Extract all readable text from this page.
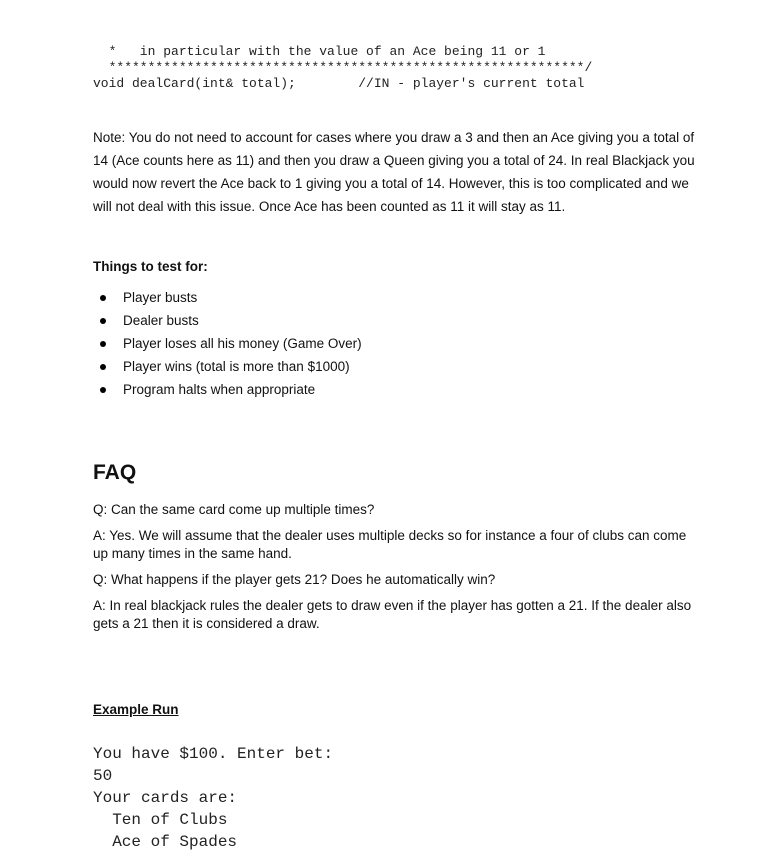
*   in particular with the value of an Ace being 11 or 1
*************************************************************/
void dealCard(int& total);        //IN - player's current total
Note: You do not need to account for cases where you draw a 3 and then an Ace giving you a total of 14 (Ace counts here as 11) and then you draw a Queen giving you a total of 24. In real Blackjack you would now revert the Ace back to 1 giving you a total of 14. However, this is too complicated and we will not deal with this issue. Once Ace has been counted as 11 it will stay as 11.
Things to test for:
Player busts
Dealer busts
Player loses all his money (Game Over)
Player wins (total is more than $1000)
Program halts when appropriate
FAQ
Q: Can the same card come up multiple times?
A: Yes. We will assume that the dealer uses multiple decks so for instance a four of clubs can come up many times in the same hand.
Q: What happens if the player gets 21? Does he automatically win?
A: In real blackjack rules the dealer gets to draw even if the player has gotten a 21. If the dealer also gets a 21 then it is considered a draw.
Example Run
You have $100. Enter bet:
50
Your cards are:
Ten of Clubs
Ace of Spades
